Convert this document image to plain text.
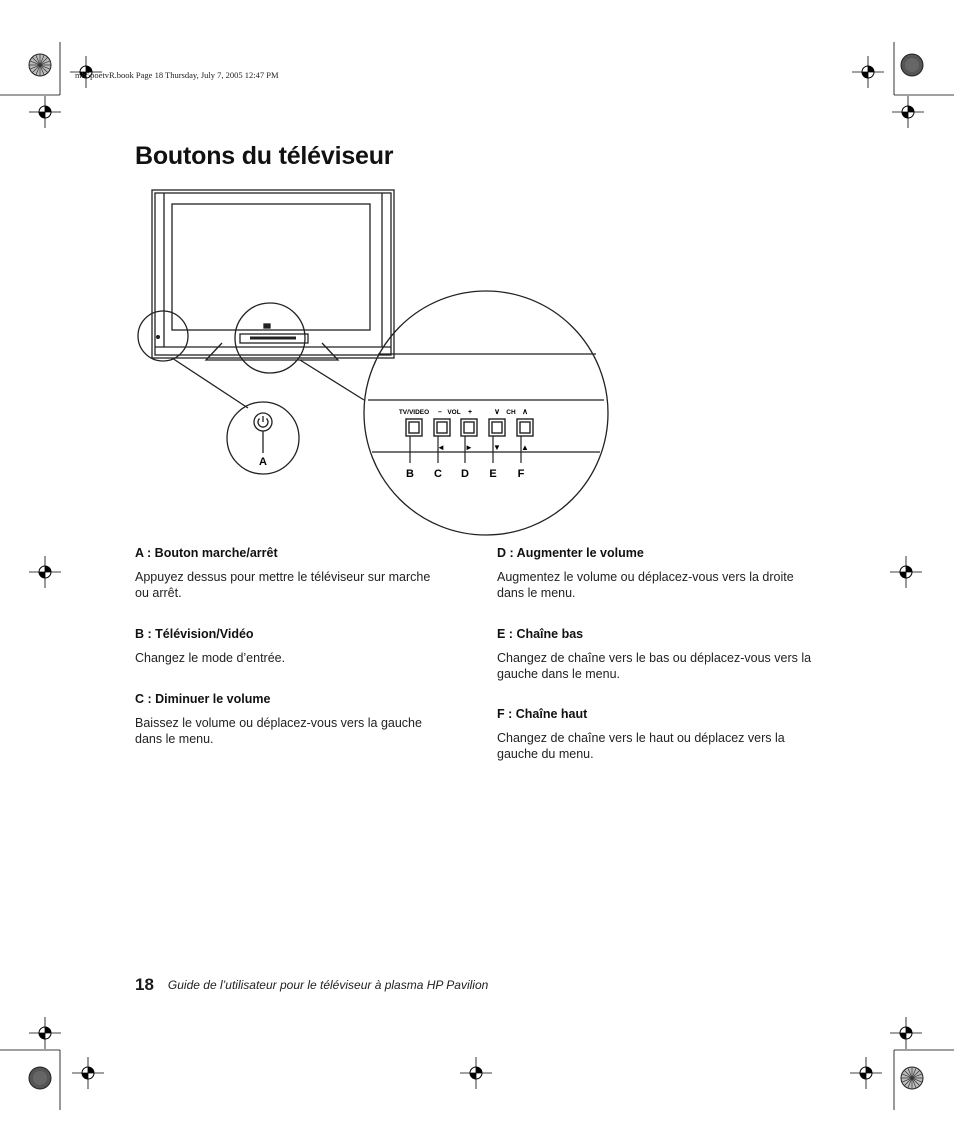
mb5poetvR.book Page 18 Thursday, July 7, 2005 12:47 PM
Boutons du téléviseur
A
TV/VIDEO – VOL +	∨ CH ∧
◄	►	▼	▲
B C D E F

A : Bouton marche/arrêt

Appuyez dessus pour mettre le téléviseur sur marche ou arrêt.

B : Télévision/Vidéo

Changez le mode d’entrée.

C : Diminuer le volume

Baissez le volume ou déplacez-vous vers la gauche dans le menu.

D : Augmenter le volume

Augmentez le volume ou déplacez-vous vers la droite dans le menu.

E : Chaîne bas

Changez de chaîne vers le bas ou déplacez-vous vers la gauche dans le menu.

F : Chaîne haut

Changez de chaîne vers le haut ou déplacez vers la gauche du menu.

18 Guide de l’utilisateur pour le téléviseur à plasma HP Pavilion
